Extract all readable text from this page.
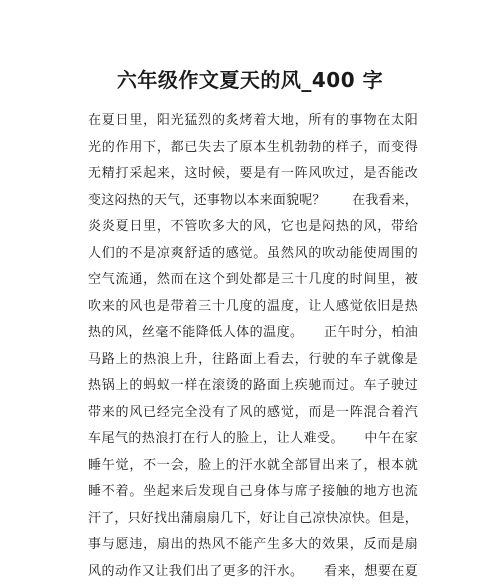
六年级作文夏天的风_400 字
在夏日里，阳光猛烈的炙烤着大地，所有的事物在太阳
光的作用下，都已失去了原本生机勃勃的样子，而变得
无精打采起来，这时候，要是有一阵风吹过，是否能改
变这闷热的天气，还事物以本来面貌呢？　　在我看来，
炎炎夏日里，不管吹多大的风，它也是闷热的风，带给
人们的不是凉爽舒适的感觉。虽然风的吹动能使周围的
空气流通，然而在这个到处都是三十几度的时间里，被
吹来的风也是带着三十几度的温度，让人感觉依旧是热
热的风，丝毫不能降低人体的温度。　　正午时分，柏油
马路上的热浪上升，往路面上看去，行驶的车子就像是
热锅上的蚂蚁一样在滚烫的路面上疾驰而过。车子驶过
带来的风已经完全没有了风的感觉，而是一阵混合着汽
车尾气的热浪打在行人的脸上，让人难受。　　中午在家
睡午觉，不一会，脸上的汗水就全部冒出来了，根本就
睡不着。坐起来后发现自己身体与席子接触的地方也流
汗了，只好找出蒲扇扇几下，好让自己凉快凉快。但是，
事与愿违，扇出的热风不能产生多大的效果，反而是扇
风的动作又让我们出了更多的汗水。　　看来，想要在夏
